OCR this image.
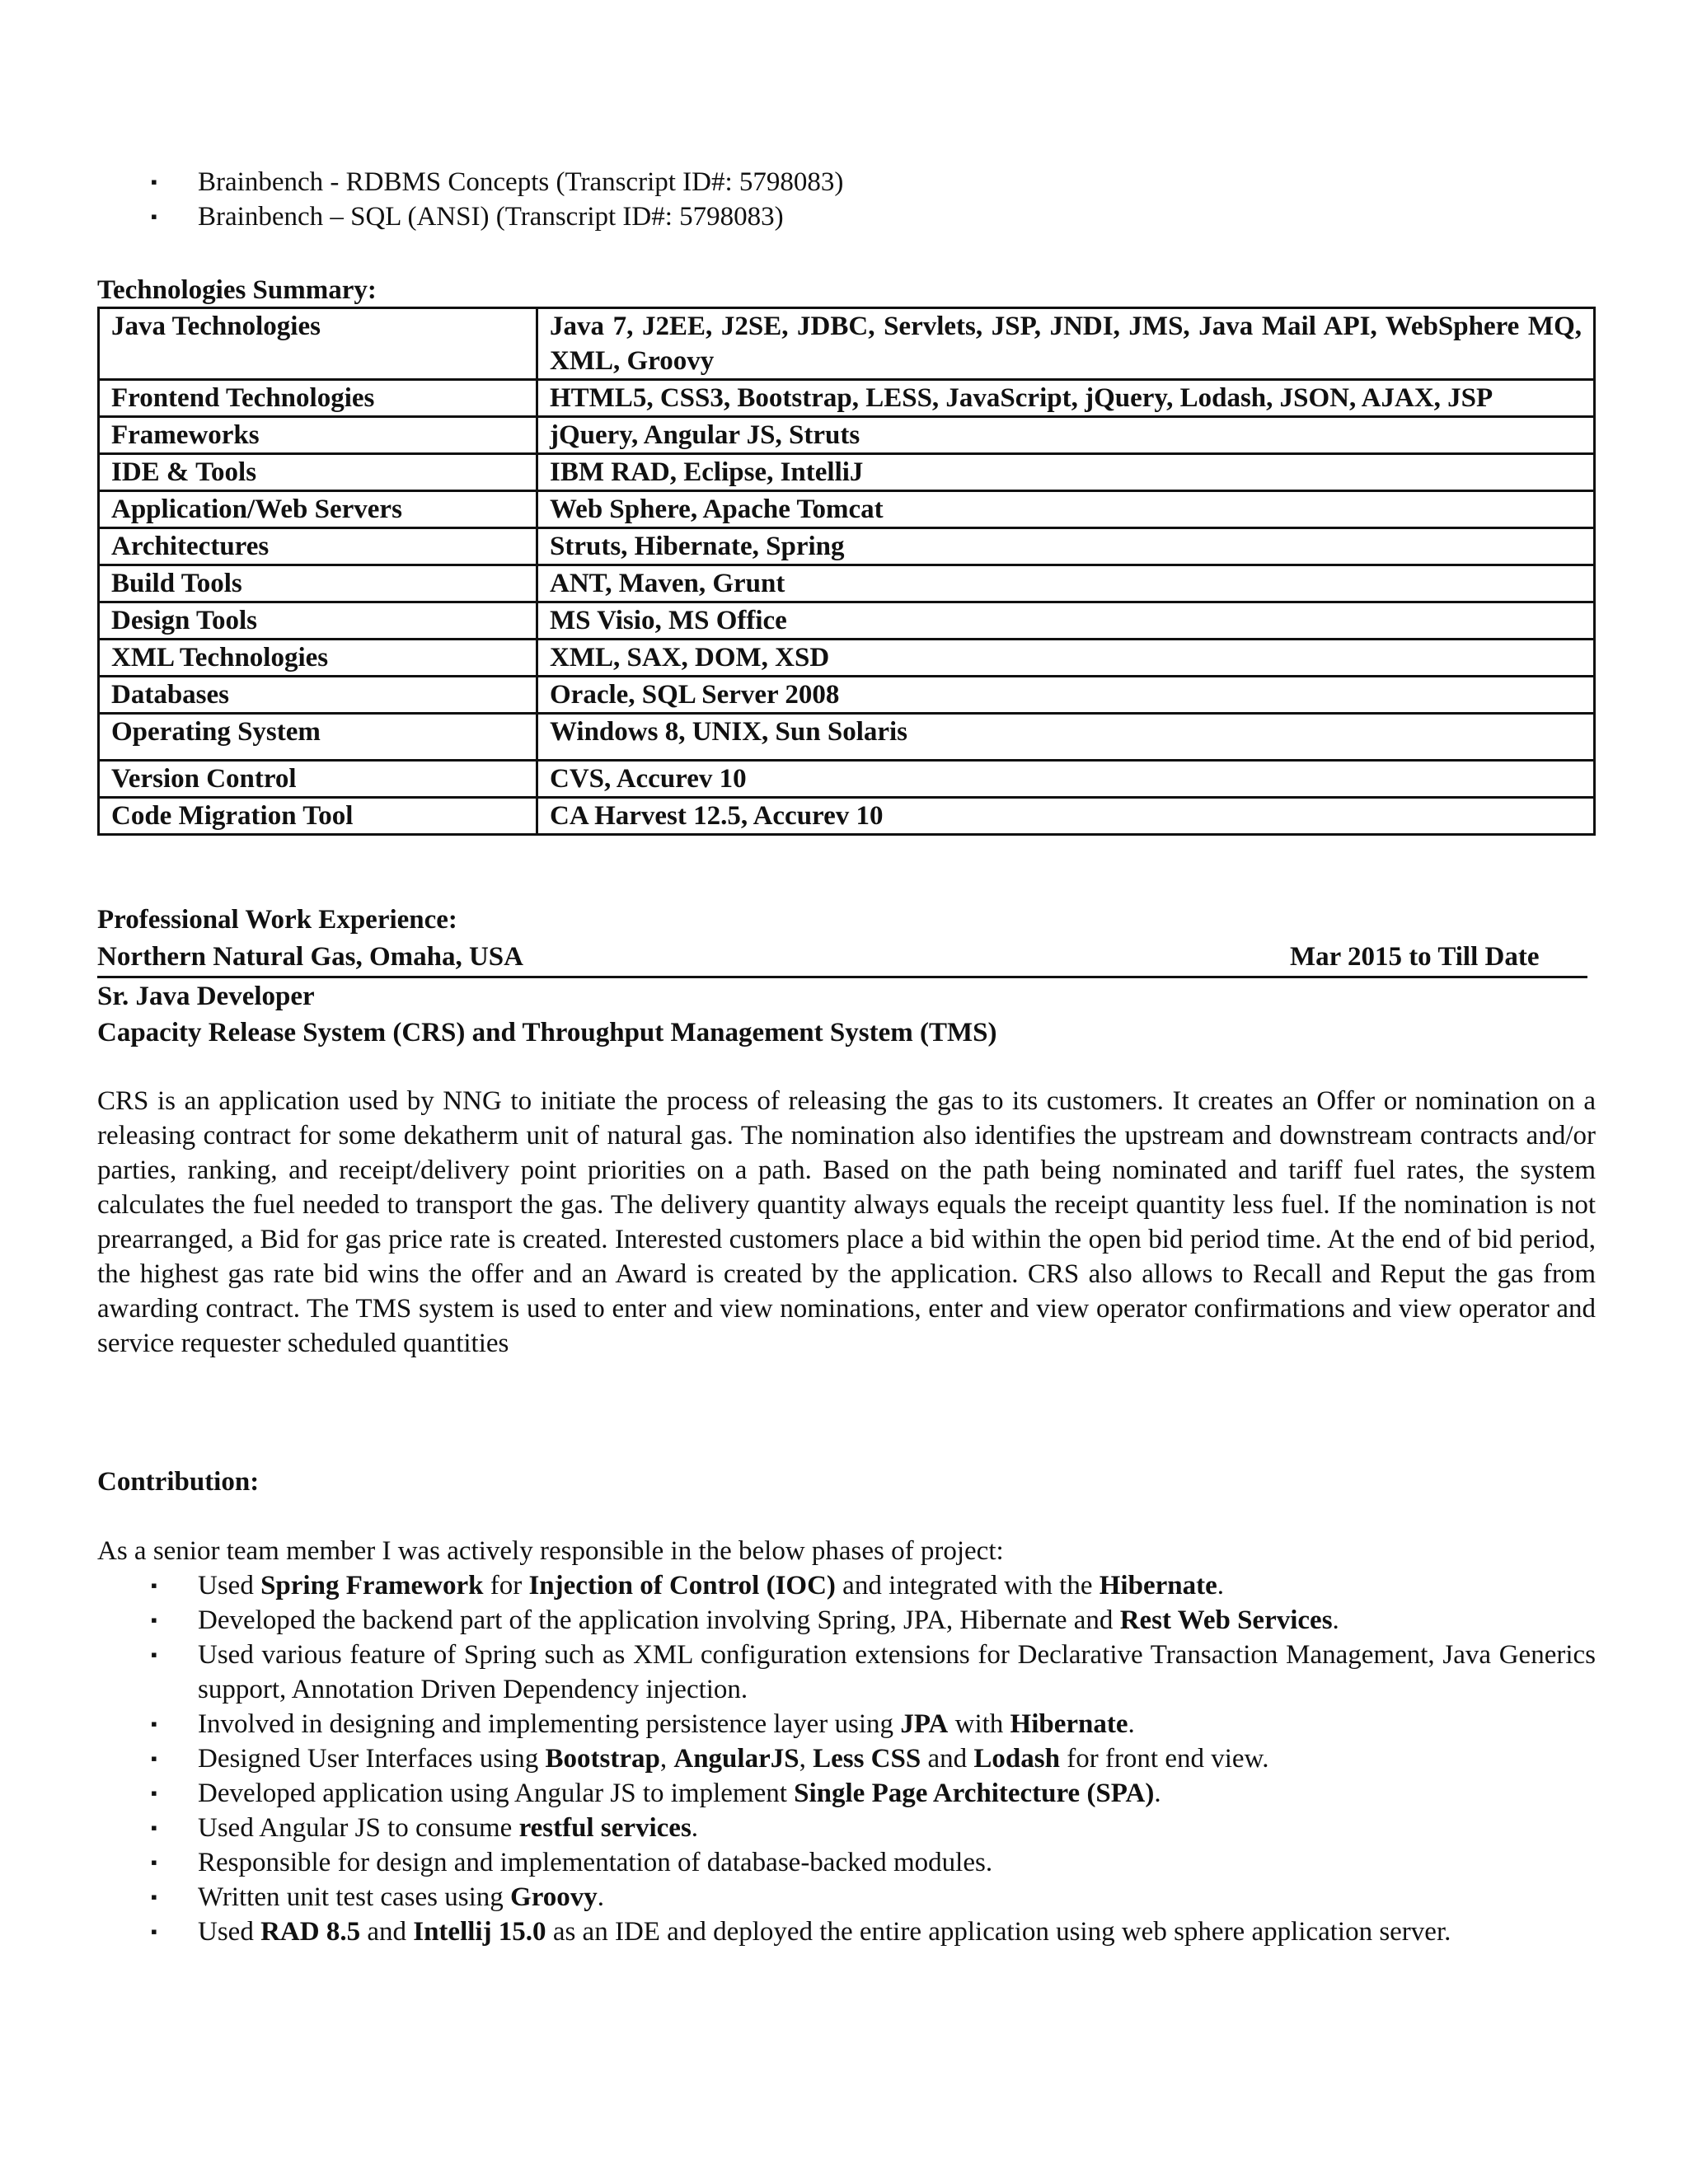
▪ Brainbench - RDBMS Concepts (Transcript ID#: 5798083)
▪ Brainbench – SQL (ANSI) (Transcript ID#: 5798083)
Technologies Summary:
Java Technologies	Java 7, J2EE, J2SE, JDBC, Servlets, JSP, JNDI, JMS, Java Mail API, WebSphere MQ, XML, Groovy
Frontend Technologies	HTML5, CSS3, Bootstrap, LESS, JavaScript, jQuery, Lodash, JSON, AJAX, JSP
Frameworks	jQuery, Angular JS, Struts
IDE & Tools	IBM RAD, Eclipse, IntelliJ
Application/Web Servers	Web Sphere, Apache Tomcat
Architectures	Struts, Hibernate, Spring
Build Tools	ANT, Maven, Grunt
Design Tools	MS Visio, MS Office
XML Technologies	XML, SAX, DOM, XSD
Databases	Oracle, SQL Server 2008
Operating System	Windows 8, UNIX, Sun Solaris
Version Control	CVS, Accurev 10
Code Migration Tool	CA Harvest 12.5, Accurev 10
Professional Work Experience:
Northern Natural Gas, Omaha, USA	Mar 2015 to Till Date
Sr. Java Developer
Capacity Release System (CRS) and Throughput Management System (TMS)
CRS is an application used by NNG to initiate the process of releasing the gas to its customers. It creates an Offer or nomination on a releasing contract for some dekatherm unit of natural gas. The nomination also identifies the upstream and downstream contracts and/or parties, ranking, and receipt/delivery point priorities on a path. Based on the path being nominated and tariff fuel rates, the system calculates the fuel needed to transport the gas. The delivery quantity always equals the receipt quantity less fuel. If the nomination is not prearranged, a Bid for gas price rate is created. Interested customers place a bid within the open bid period time. At the end of bid period, the highest gas rate bid wins the offer and an Award is created by the application. CRS also allows to Recall and Reput the gas from awarding contract. The TMS system is used to enter and view nominations, enter and view operator confirmations and view operator and service requester scheduled quantities
Contribution:
As a senior team member I was actively responsible in the below phases of project:
▪ Used Spring Framework for Injection of Control (IOC) and integrated with the Hibernate.
▪ Developed the backend part of the application involving Spring, JPA, Hibernate and Rest Web Services.
▪ Used various feature of Spring such as XML configuration extensions for Declarative Transaction Management, Java Generics support, Annotation Driven Dependency injection.
▪ Involved in designing and implementing persistence layer using JPA with Hibernate.
▪ Designed User Interfaces using Bootstrap, AngularJS, Less CSS and Lodash for front end view.
▪ Developed application using Angular JS to implement Single Page Architecture (SPA).
▪ Used Angular JS to consume restful services.
▪ Responsible for design and implementation of database-backed modules.
▪ Written unit test cases using Groovy.
▪ Used RAD 8.5 and Intellij 15.0 as an IDE and deployed the entire application using web sphere application server.
